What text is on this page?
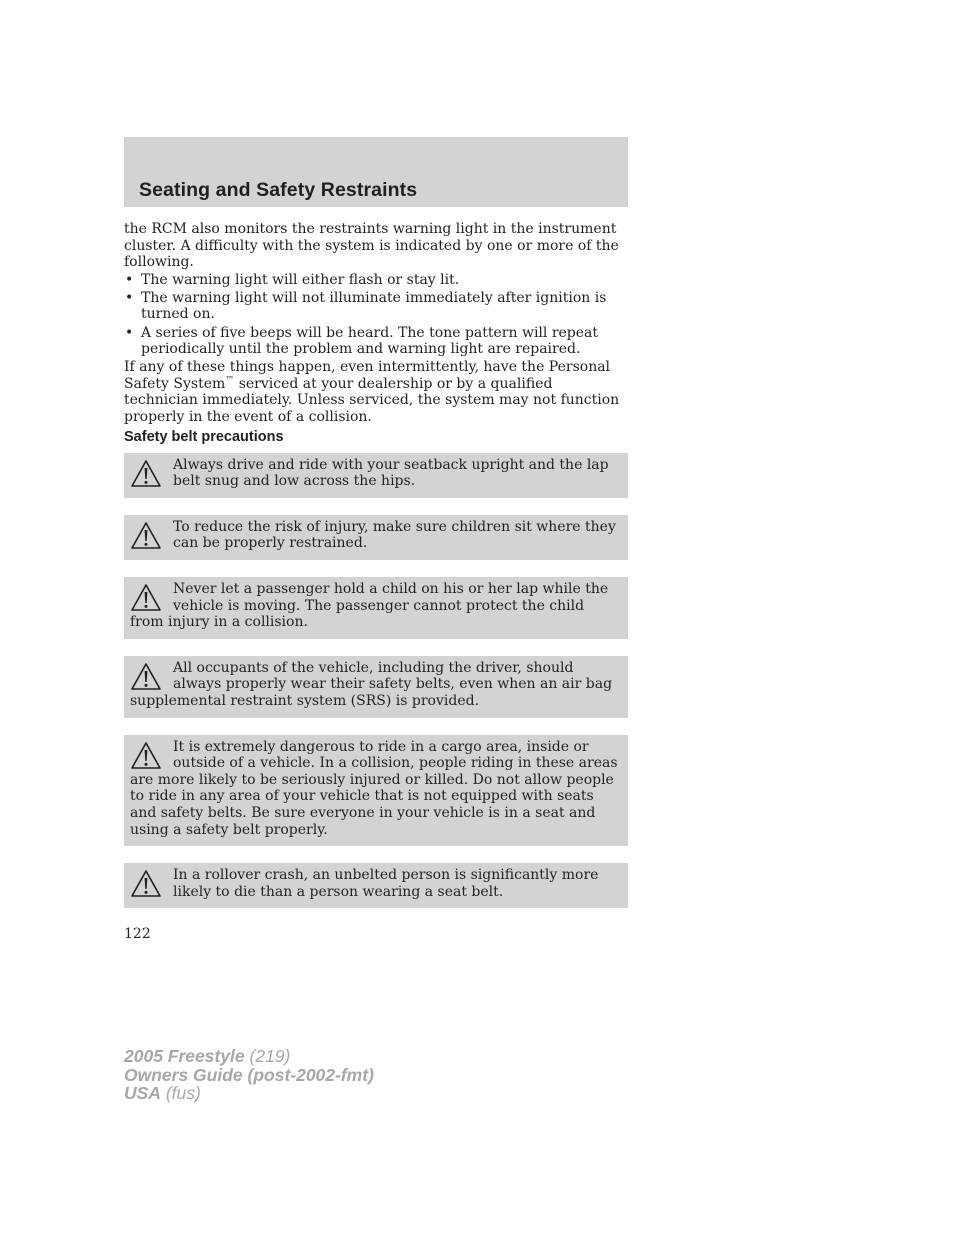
Seating and Safety Restraints

the RCM also monitors the restraints warning light in the instrument cluster. A difficulty with the system is indicated by one or more of the following.

• The warning light will either flash or stay lit.
• The warning light will not illuminate immediately after ignition is turned on.
• A series of five beeps will be heard. The tone pattern will repeat periodically until the problem and warning light are repaired.

If any of these things happen, even intermittently, have the Personal Safety System™ serviced at your dealership or by a qualified technician immediately. Unless serviced, the system may not function properly in the event of a collision.

Safety belt precautions

Always drive and ride with your seatback upright and the lap belt snug and low across the hips.

To reduce the risk of injury, make sure children sit where they can be properly restrained.

Never let a passenger hold a child on his or her lap while the vehicle is moving. The passenger cannot protect the child from injury in a collision.

All occupants of the vehicle, including the driver, should always properly wear their safety belts, even when an air bag supplemental restraint system (SRS) is provided.

It is extremely dangerous to ride in a cargo area, inside or outside of a vehicle. In a collision, people riding in these areas are more likely to be seriously injured or killed. Do not allow people to ride in any area of your vehicle that is not equipped with seats and safety belts. Be sure everyone in your vehicle is in a seat and using a safety belt properly.

In a rollover crash, an unbelted person is significantly more likely to die than a person wearing a seat belt.

122
2005 Freestyle (219)
Owners Guide (post-2002-fmt)
USA (fus)
